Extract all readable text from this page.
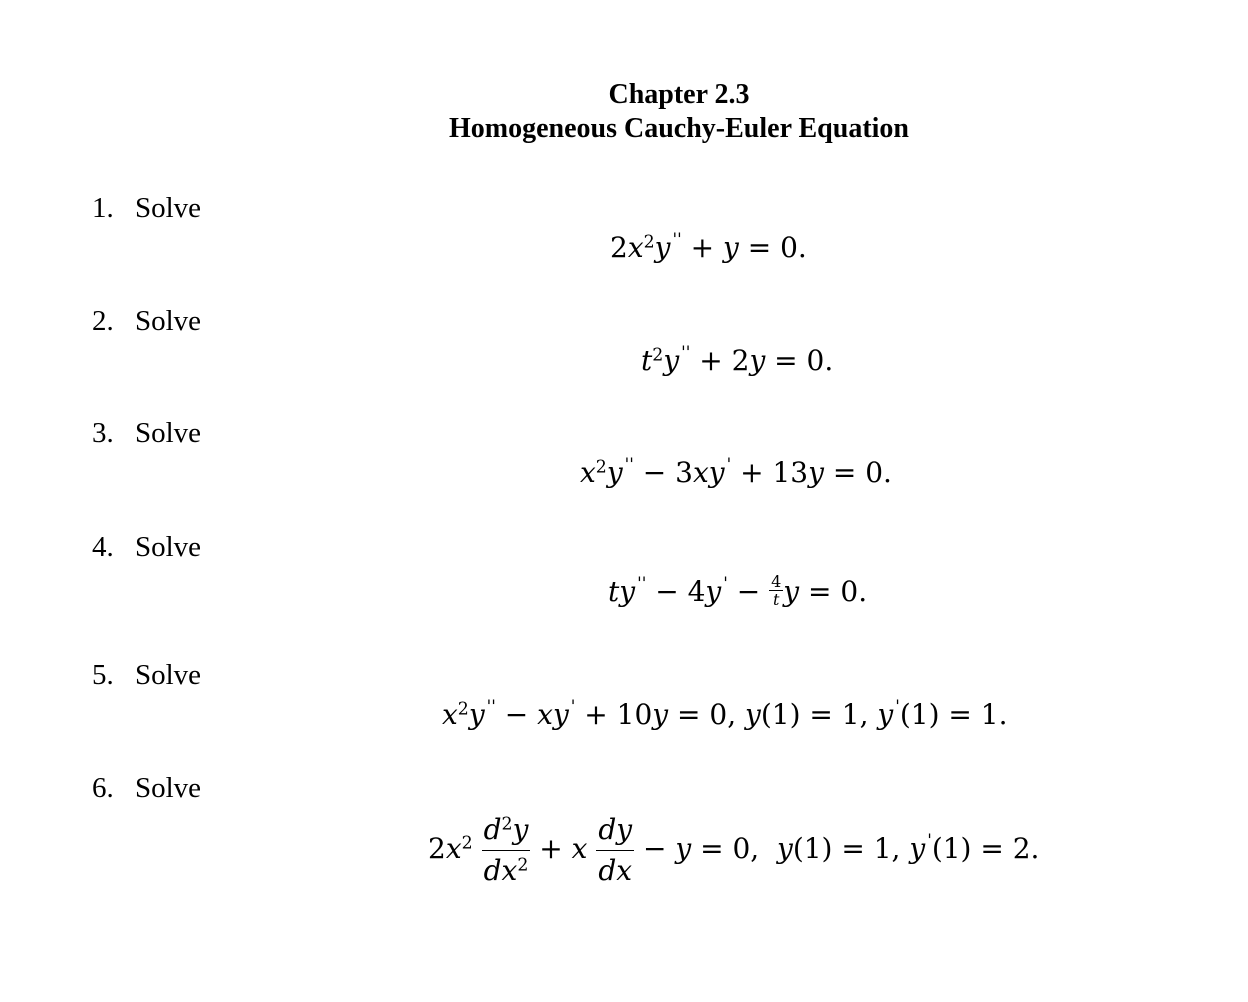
Chapter 2.3
Homogeneous Cauchy-Euler Equation
1. Solve
$2x^2y$ '' + y = 0.
2. Solve
$t^2y$ '' + 2y = 0.
3. Solve
$x^2y$ '' − 3xy ' + 13y = 0.
4. Solve
ty '' − 4y $' - \frac{4}{t}$ y = 0.
5. Solve
$x^2y$ '' − xy ' + 10y = 0, y(1) = 1, y '(1) = 1.
6. Solve
$2x^2 \frac{d^2y}{dx^2} + x \frac{dy}{dx} - y = 0$,  y(1) = 1, y '(1) = 2.
